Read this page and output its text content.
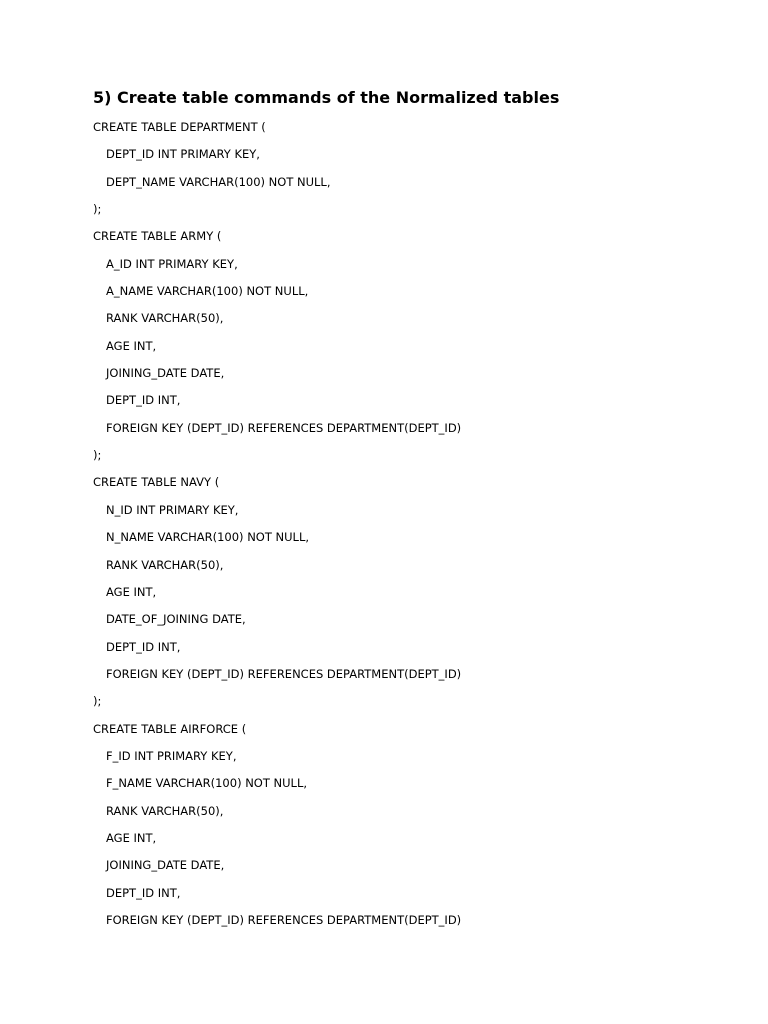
5) Create table commands of the Normalized tables
CREATE TABLE DEPARTMENT (
DEPT_ID INT PRIMARY KEY,
DEPT_NAME VARCHAR(100) NOT NULL,
);
CREATE TABLE ARMY (
A_ID INT PRIMARY KEY,
A_NAME VARCHAR(100) NOT NULL,
RANK VARCHAR(50),
AGE INT,
JOINING_DATE DATE,
DEPT_ID INT,
FOREIGN KEY (DEPT_ID) REFERENCES DEPARTMENT(DEPT_ID)
);
CREATE TABLE NAVY (
N_ID INT PRIMARY KEY,
N_NAME VARCHAR(100) NOT NULL,
RANK VARCHAR(50),
AGE INT,
DATE_OF_JOINING DATE,
DEPT_ID INT,
FOREIGN KEY (DEPT_ID) REFERENCES DEPARTMENT(DEPT_ID)
);
CREATE TABLE AIRFORCE (
F_ID INT PRIMARY KEY,
F_NAME VARCHAR(100) NOT NULL,
RANK VARCHAR(50),
AGE INT,
JOINING_DATE DATE,
DEPT_ID INT,
FOREIGN KEY (DEPT_ID) REFERENCES DEPARTMENT(DEPT_ID)
